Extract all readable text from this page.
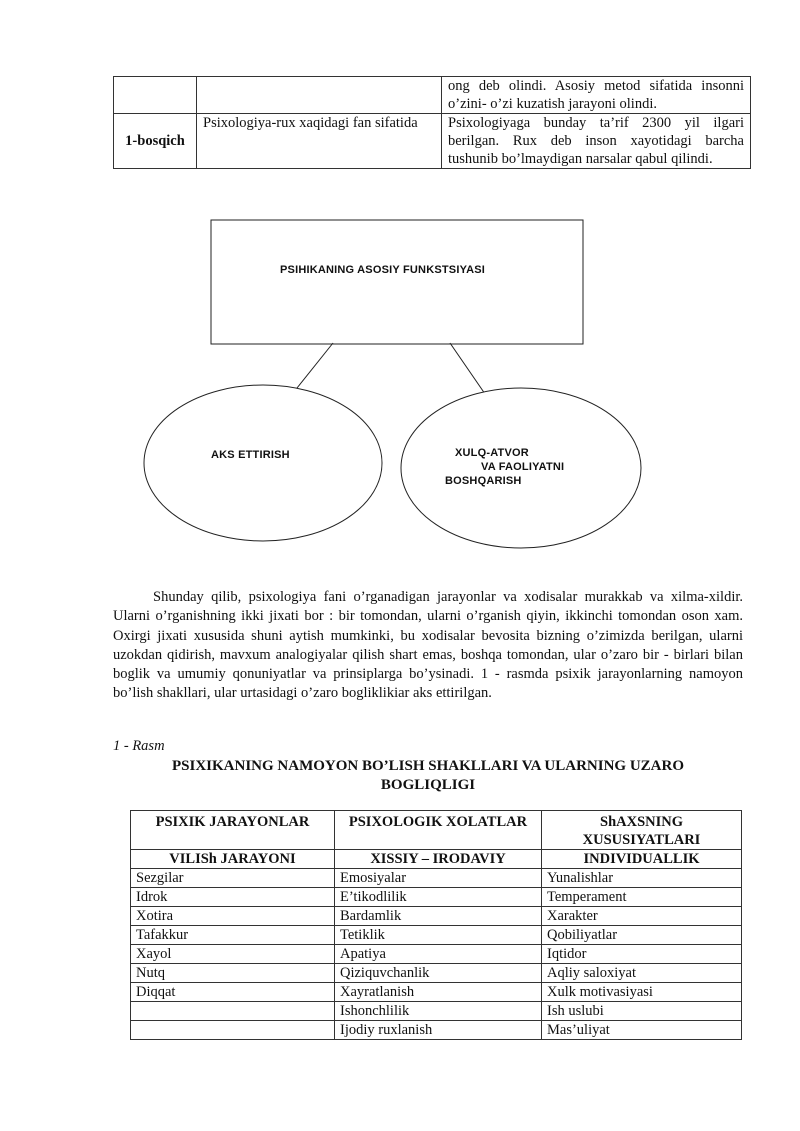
		ong deb olindi. Asosiy metod sifatida insonni o’zini- o’zi kuzatish jarayoni olindi.
1-bosqich	Psixologiya-rux xaqidagi fan sifatida	Psixologiyaga bunday ta’rif 2300 yil ilgari berilgan. Rux deb inson xayotidagi barcha tushunib bo’lmaydigan narsalar qabul qilindi.
PSIHIKANING ASOSIY FUNKSTSIYASI
AKS ETTIRISH	XULQ-ATVOR
VA FAOLIYATNI
BOSHQARISH

Shunday qilib, psixologiya fani o’rganadigan jarayonlar va xodisalar murakkab va xilma-xildir. Ularni o’rganishning ikki jixati bor : bir tomondan, ularni o’rganish qiyin, ikkinchi tomondan oson xam. Oxirgi jixati xususida shuni aytish mumkinki, bu xodisalar bevosita bizning o’zimizda berilgan, ularni uzokdan qidirish, mavxum analogiyalar qilish shart emas, boshqa tomondan, ular o’zaro bir - birlari bilan boglik va umumiy qonuniyatlar va prinsiplarga bo’ysinadi. 1 - rasmda psixik jarayonlarning namoyon bo’lish shakllari, ular urtasidagi o’zaro bogliklikiar aks ettirilgan.

1 - Rasm
PSIXIKANING NAMOYON BO’LISH SHAKLLARI VA ULARNING UZARO
BOGLIQLIGI
PSIXIK JARAYONLAR	PSIXOLOGIK XOLATLAR	ShAXSNING XUSUSIYATLARI
VILISh JARAYONI	XISSIY – IRODAVIY	INDIVIDUALLIK
Sezgilar	Emosiyalar	Yunalishlar
Idrok	E’tikodlilik	Temperament
Xotira	Bardamlik	Xarakter
Tafakkur	Tetiklik	Qobiliyatlar
Xayol	Apatiya	Iqtidor
Nutq	Qiziquvchanlik	Aqliy saloxiyat
Diqqat	Xayratlanish	Xulk motivasiyasi
	Ishonchlilik	Ish uslubi
	Ijodiy ruxlanish	Mas’uliyat
